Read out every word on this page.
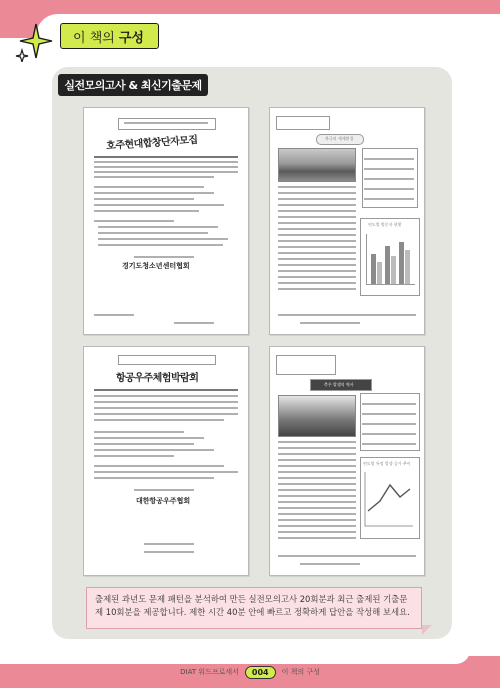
이 책의 구성
실전모의고사 & 최신기출문제
호주현대합창단자모집
경기도청소년센터협회
북극의 세계환경
연도별 방문자 현황
항공우주체험박람회
대한항공우주협회
축우 발생의 역사
연도별 특정 발생 증가 추이
출제된 과년도 문제 패턴을 분석하여 만든 실전모의고사 20회분과 최근 출제된 기출문제 10회분을 제공합니다. 제한 시간 40분 안에 빠르고 정확하게 답안을 작성해 보세요.
DIAT 워드프로세서	004	이 책의 구성
